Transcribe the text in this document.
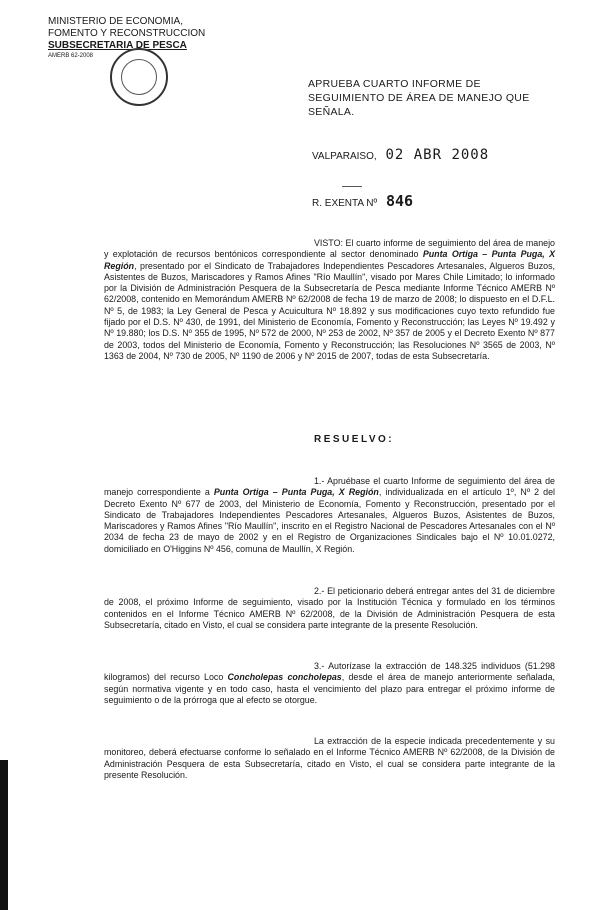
MINISTERIO DE ECONOMIA,
FOMENTO Y RECONSTRUCCION
SUBSECRETARIA DE PESCA
AMERB 62-2008
APRUEBA CUARTO INFORME DE
SEGUIMIENTO DE ÁREA DE MANEJO QUE
SEÑALA.
VALPARAISO, 02 ABR 2008
R. EXENTA Nº 846

VISTO: El cuarto informe de seguimiento del área de manejo y explotación de recursos bentónicos correspondiente al sector denominado Punta Ortiga – Punta Puga, X Región, presentado por el Sindicato de Trabajadores Independientes Pescadores Artesanales, Algueros Buzos, Asistentes de Buzos, Mariscadores y Ramos Afines "Río Maullín", visado por Mares Chile Limitado; lo informado por la División de Administración Pesquera de la Subsecretaría de Pesca mediante Informe Técnico AMERB Nº 62/2008, contenido en Memorándum AMERB Nº 62/2008 de fecha 19 de marzo de 2008; lo dispuesto en el D.F.L. Nº 5, de 1983; la Ley General de Pesca y Acuicultura Nº 18.892 y sus modificaciones cuyo texto refundido fue fijado por el D.S. Nº 430, de 1991, del Ministerio de Economía, Fomento y Reconstrucción; las Leyes Nº 19.492 y Nº 19.880; los D.S. Nº 355 de 1995, Nº 572 de 2000, Nº 253 de 2002, Nº 357 de 2005 y el Decreto Exento Nº 877 de 2003, todos del Ministerio de Economía, Fomento y Reconstrucción; las Resoluciones Nº 3565 de 2003, Nº 1363 de 2004, Nº 730 de 2005, Nº 1190 de 2006 y Nº 2015 de 2007, todas de esta Subsecretaría.

RESUELVO:

1.- Apruébase el cuarto Informe de seguimiento del área de manejo correspondiente a Punta Ortiga – Punta Puga, X Región, individualizada en el artículo 1º, Nº 2 del Decreto Exento Nº 677 de 2003, del Ministerio de Economía, Fomento y Reconstrucción, presentado por el Sindicato de Trabajadores Independientes Pescadores Artesanales, Algueros Buzos, Asistentes de Buzos, Mariscadores y Ramos Afines "Río Maullín", inscrito en el Registro Nacional de Pescadores Artesanales con el Nº 2034 de fecha 23 de mayo de 2002 y en el Registro de Organizaciones Sindicales bajo el Nº 10.01.0272, domiciliado en O'Higgins Nº 456, comuna de Maullín, X Región.

2.- El peticionario deberá entregar antes del 31 de diciembre de 2008, el próximo Informe de seguimiento, visado por la Institución Técnica y formulado en los términos contenidos en el Informe Técnico AMERB Nº 62/2008, de la División de Administración Pesquera de esta Subsecretaría, citado en Visto, el cual se considera parte integrante de la presente Resolución.

3.- Autorízase la extracción de 148.325 individuos (51.298 kilogramos) del recurso Loco Concholepas concholepas, desde el área de manejo anteriormente señalada, según normativa vigente y en todo caso, hasta el vencimiento del plazo para entregar el próximo informe de seguimiento o de la prórroga que al efecto se otorgue.

La extracción de la especie indicada precedentemente y su monitoreo, deberá efectuarse conforme lo señalado en el Informe Técnico AMERB Nº 62/2008, de la División de Administración Pesquera de esta Subsecretaría, citado en Visto, el cual se considera parte integrante de la presente Resolución.
